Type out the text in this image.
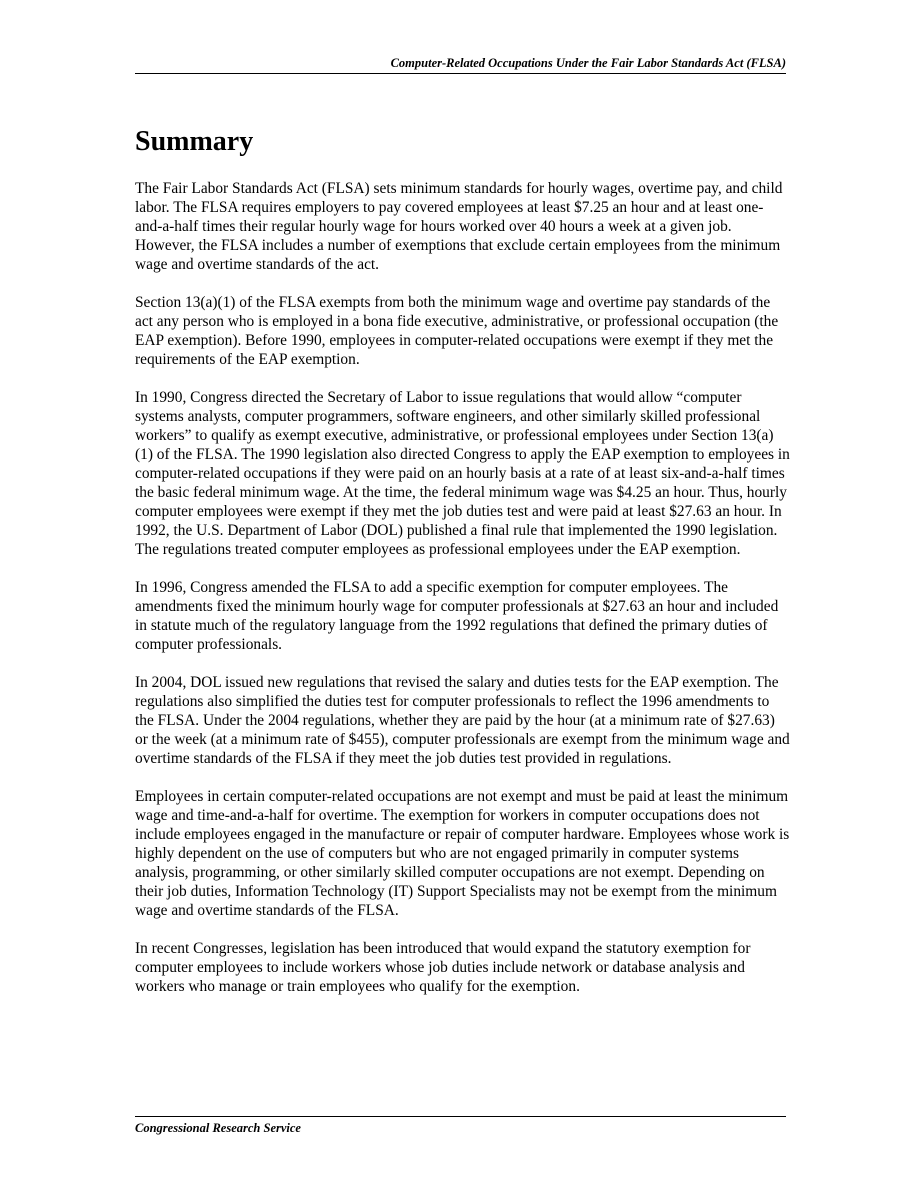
Computer-Related Occupations Under the Fair Labor Standards Act (FLSA)
Summary

The Fair Labor Standards Act (FLSA) sets minimum standards for hourly wages, overtime pay, and child labor. The FLSA requires employers to pay covered employees at least $7.25 an hour and at least one-and-a-half times their regular hourly wage for hours worked over 40 hours a week at a given job. However, the FLSA includes a number of exemptions that exclude certain employees from the minimum wage and overtime standards of the act.

Section 13(a)(1) of the FLSA exempts from both the minimum wage and overtime pay standards of the act any person who is employed in a bona fide executive, administrative, or professional occupation (the EAP exemption). Before 1990, employees in computer-related occupations were exempt if they met the requirements of the EAP exemption.

In 1990, Congress directed the Secretary of Labor to issue regulations that would allow “computer systems analysts, computer programmers, software engineers, and other similarly skilled professional workers” to qualify as exempt executive, administrative, or professional employees under Section 13(a)(1) of the FLSA. The 1990 legislation also directed Congress to apply the EAP exemption to employees in computer-related occupations if they were paid on an hourly basis at a rate of at least six-and-a-half times the basic federal minimum wage. At the time, the federal minimum wage was $4.25 an hour. Thus, hourly computer employees were exempt if they met the job duties test and were paid at least $27.63 an hour. In 1992, the U.S. Department of Labor (DOL) published a final rule that implemented the 1990 legislation. The regulations treated computer employees as professional employees under the EAP exemption.

In 1996, Congress amended the FLSA to add a specific exemption for computer employees. The amendments fixed the minimum hourly wage for computer professionals at $27.63 an hour and included in statute much of the regulatory language from the 1992 regulations that defined the primary duties of computer professionals.

In 2004, DOL issued new regulations that revised the salary and duties tests for the EAP exemption. The regulations also simplified the duties test for computer professionals to reflect the 1996 amendments to the FLSA. Under the 2004 regulations, whether they are paid by the hour (at a minimum rate of $27.63) or the week (at a minimum rate of $455), computer professionals are exempt from the minimum wage and overtime standards of the FLSA if they meet the job duties test provided in regulations.

Employees in certain computer-related occupations are not exempt and must be paid at least the minimum wage and time-and-a-half for overtime. The exemption for workers in computer occupations does not include employees engaged in the manufacture or repair of computer hardware. Employees whose work is highly dependent on the use of computers but who are not engaged primarily in computer systems analysis, programming, or other similarly skilled computer occupations are not exempt. Depending on their job duties, Information Technology (IT) Support Specialists may not be exempt from the minimum wage and overtime standards of the FLSA.

In recent Congresses, legislation has been introduced that would expand the statutory exemption for computer employees to include workers whose job duties include network or database analysis and workers who manage or train employees who qualify for the exemption.

Congressional Research Service
